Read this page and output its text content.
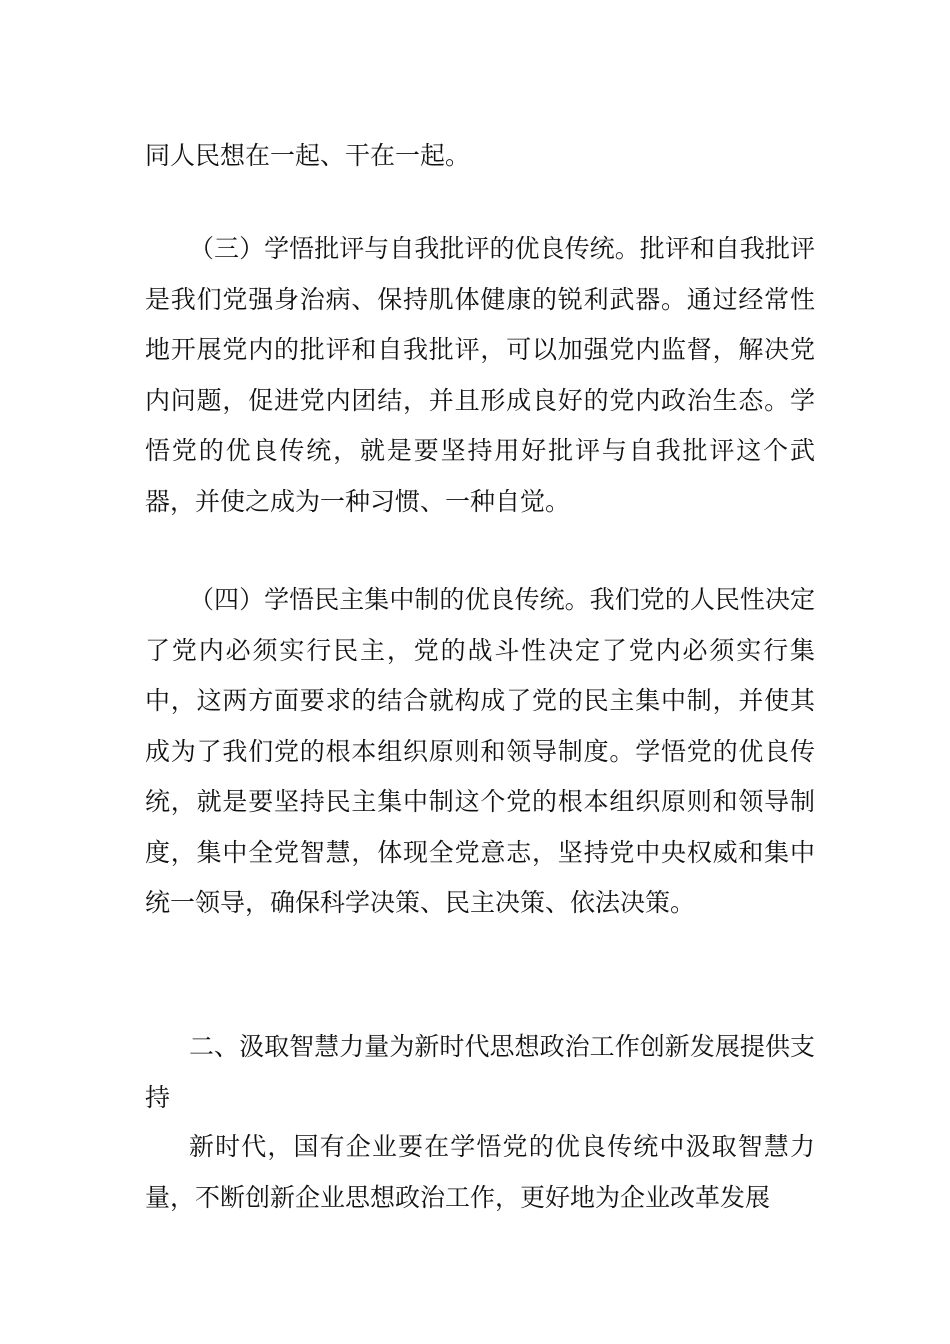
同人民想在一起、干在一起。

（三）学悟批评与自我批评的优良传统。批评和自我批评是我们党强身治病、保持肌体健康的锐利武器。通过经常性地开展党内的批评和自我批评，可以加强党内监督，解决党内问题，促进党内团结，并且形成良好的党内政治生态。学悟党的优良传统，就是要坚持用好批评与自我批评这个武器，并使之成为一种习惯、一种自觉。

（四）学悟民主集中制的优良传统。我们党的人民性决定了党内必须实行民主，党的战斗性决定了党内必须实行集中，这两方面要求的结合就构成了党的民主集中制，并使其成为了我们党的根本组织原则和领导制度。学悟党的优良传统，就是要坚持民主集中制这个党的根本组织原则和领导制度，集中全党智慧，体现全党意志，坚持党中央权威和集中统一领导，确保科学决策、民主决策、依法决策。

二、汲取智慧力量为新时代思想政治工作创新发展提供支持

新时代，国有企业要在学悟党的优良传统中汲取智慧力量，不断创新企业思想政治工作，更好地为企业改革发展
